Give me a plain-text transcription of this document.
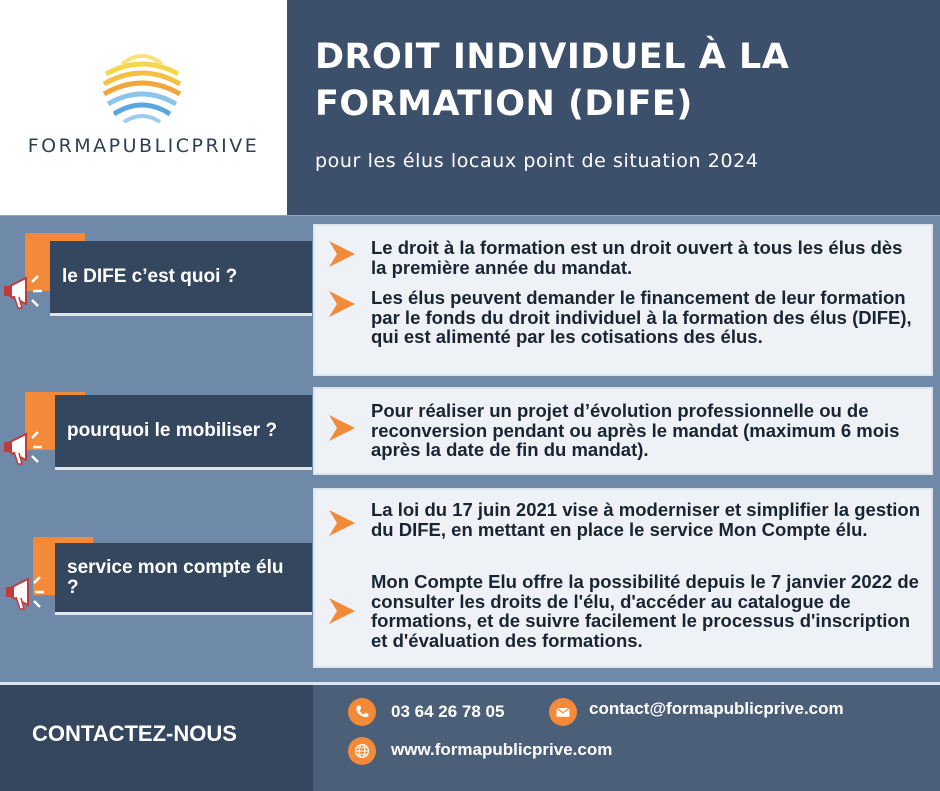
FORMAPUBLICPRIVE
DROIT INDIVIDUEL À LA FORMATION (DIFE)
pour les élus locaux point de situation 2024
le DIFE c’est quoi ?
Le droit à la formation est un droit ouvert à tous les élus dès la première année du mandat.
Les élus peuvent demander le financement de leur formation par le fonds du droit individuel à la formation des élus (DIFE), qui est alimenté par les cotisations des élus.
pourquoi le mobiliser ?
Pour réaliser un projet d’évolution professionnelle ou de reconversion pendant ou après le mandat (maximum 6 mois après la date de fin du mandat).
service mon compte élu ?
La loi du 17 juin 2021 vise à moderniser et simplifier la gestion du DIFE, en mettant en place le service Mon Compte élu.
Mon Compte Elu offre la possibilité depuis le 7 janvier 2022 de consulter les droits de l'élu, d'accéder au catalogue de formations, et de suivre facilement le processus d'inscription et d'évaluation des formations.
CONTACTEZ-NOUS
03 64 26 78 05	contact@formapublicprive.com
www.formapublicprive.com
